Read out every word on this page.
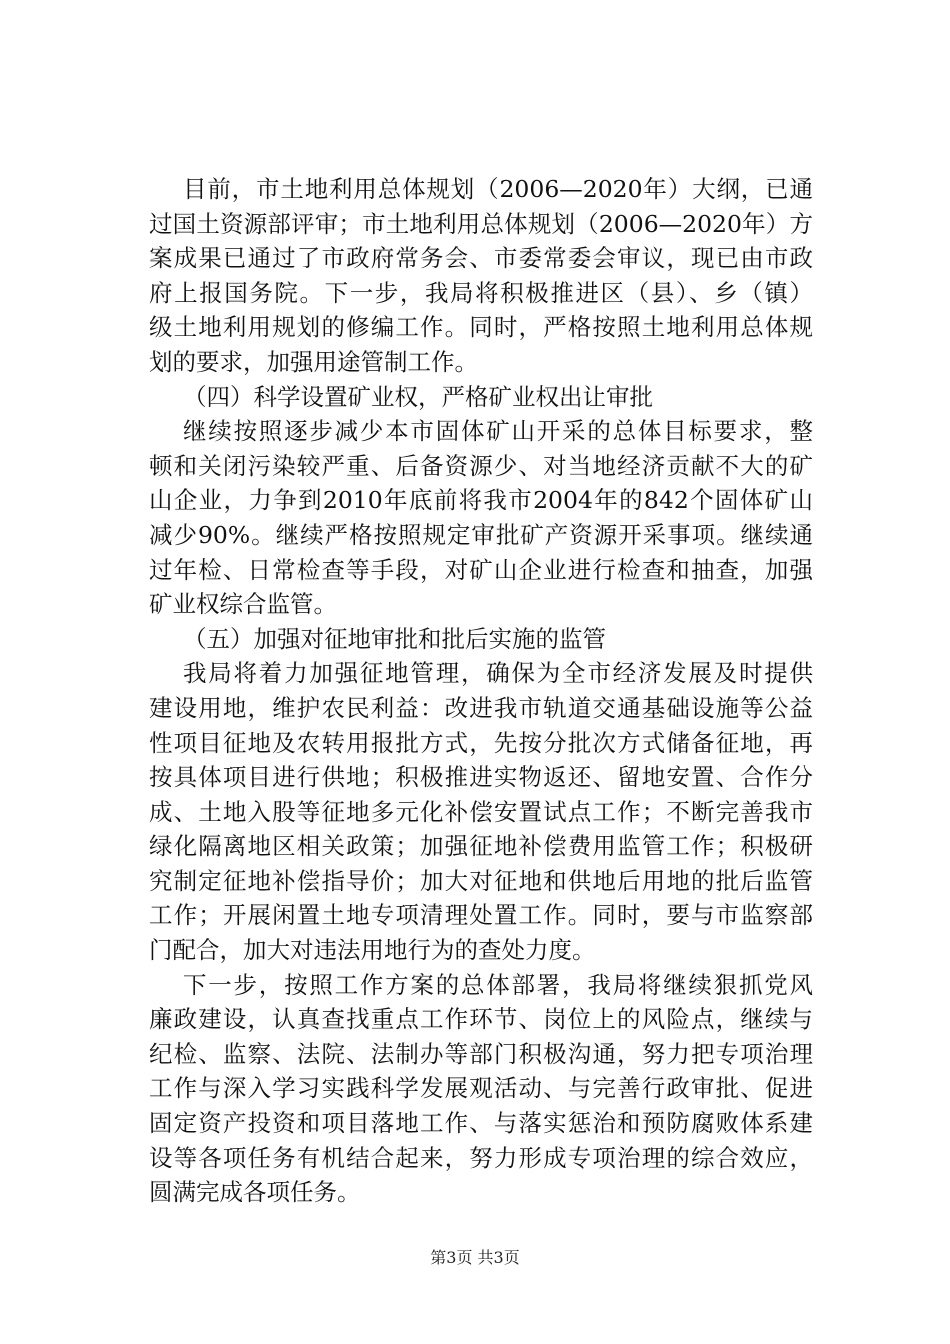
目前，市土地利用总体规划（2006—2020年）大纲，已通
过国土资源部评审；市土地利用总体规划（2006—2020年）方
案成果已通过了市政府常务会、市委常委会审议，现已由市政
府上报国务院。下一步，我局将积极推进区（县）、乡（镇）
级土地利用规划的修编工作。同时，严格按照土地利用总体规
划的要求，加强用途管制工作。
（四）科学设置矿业权，严格矿业权出让审批
继续按照逐步减少本市固体矿山开采的总体目标要求，整
顿和关闭污染较严重、后备资源少、对当地经济贡献不大的矿
山企业，力争到2010年底前将我市2004年的842个固体矿山
减少90%。继续严格按照规定审批矿产资源开采事项。继续通
过年检、日常检查等手段，对矿山企业进行检查和抽查，加强
矿业权综合监管。
（五）加强对征地审批和批后实施的监管
我局将着力加强征地管理，确保为全市经济发展及时提供
建设用地，维护农民利益：改进我市轨道交通基础设施等公益
性项目征地及农转用报批方式，先按分批次方式储备征地，再
按具体项目进行供地；积极推进实物返还、留地安置、合作分
成、土地入股等征地多元化补偿安置试点工作；不断完善我市
绿化隔离地区相关政策；加强征地补偿费用监管工作；积极研
究制定征地补偿指导价；加大对征地和供地后用地的批后监管
工作；开展闲置土地专项清理处置工作。同时，要与市监察部
门配合，加大对违法用地行为的查处力度。
下一步，按照工作方案的总体部署，我局将继续狠抓党风
廉政建设，认真查找重点工作环节、岗位上的风险点，继续与
纪检、监察、法院、法制办等部门积极沟通，努力把专项治理
工作与深入学习实践科学发展观活动、与完善行政审批、促进
固定资产投资和项目落地工作、与落实惩治和预防腐败体系建
设等各项任务有机结合起来，努力形成专项治理的综合效应，
圆满完成各项任务。
第3页 共3页
